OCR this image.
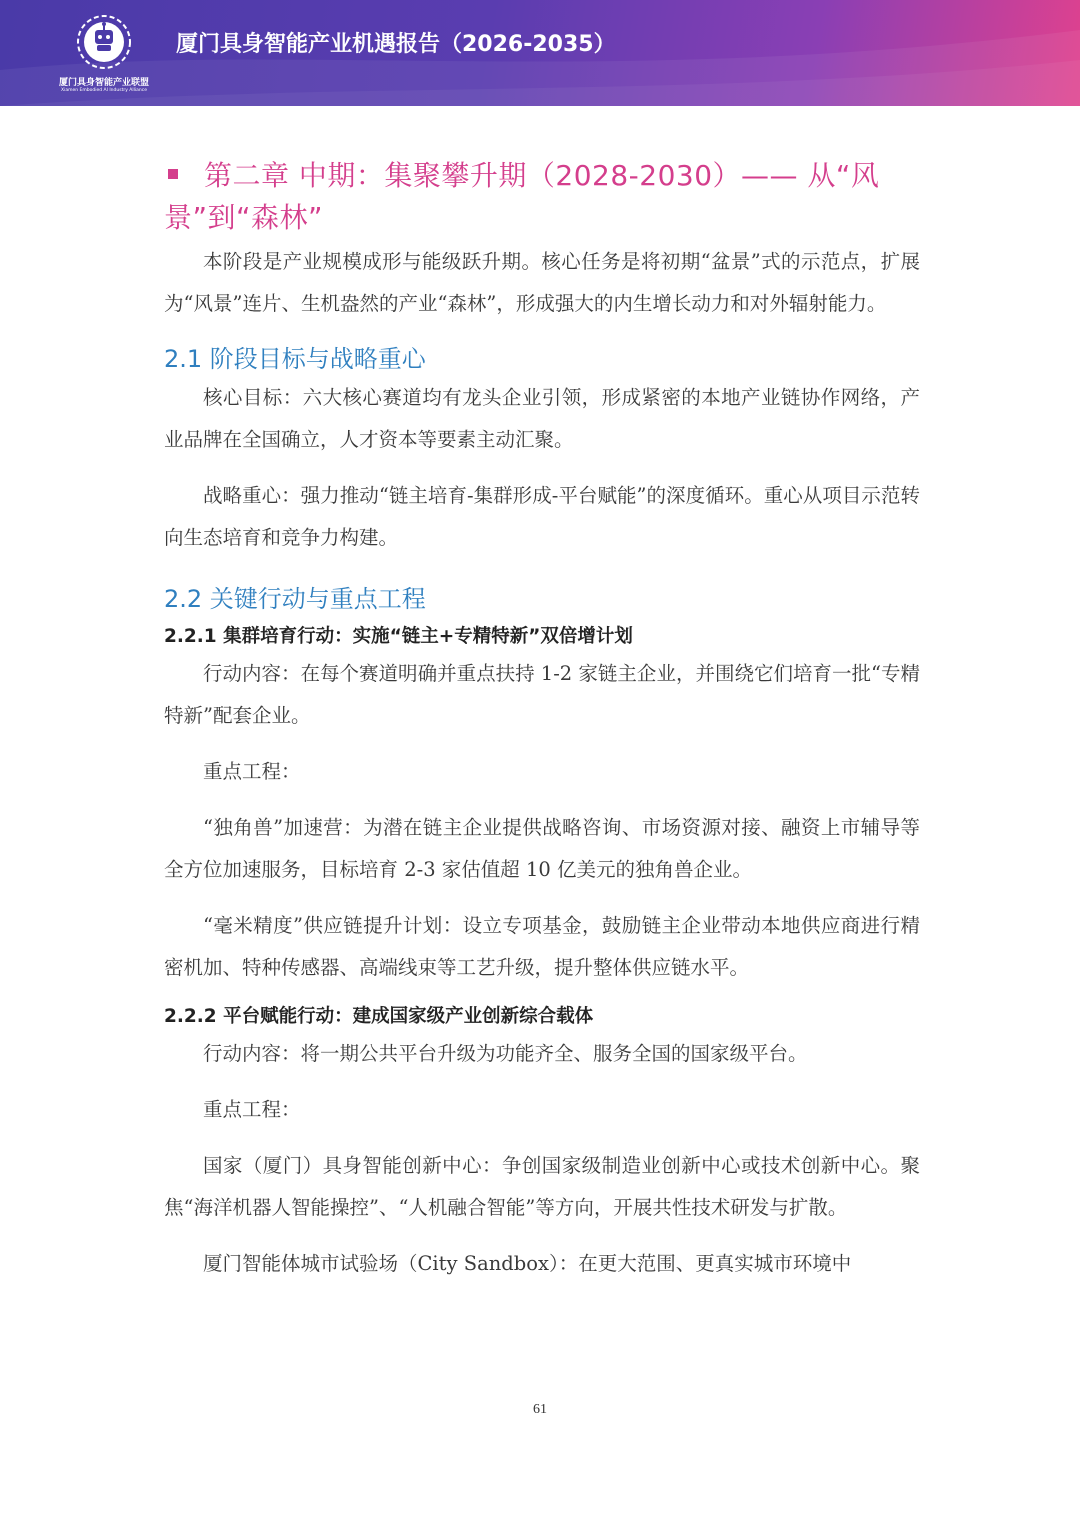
XAIA
厦门具身智能产业联盟
Xiamen Embodied AI Industry Alliance
厦门具身智能产业机遇报告（2026-2035）
第二章 中期：集聚攀升期（2028-2030）—— 从“风景”到“森林”

本阶段是产业规模成形与能级跃升期。核心任务是将初期“盆景”式的示范点，扩展为“风景”连片、生机盎然的产业“森林”，形成强大的内生增长动力和对外辐射能力。

2.1 阶段目标与战略重心

核心目标：六大核心赛道均有龙头企业引领，形成紧密的本地产业链协作网络，产业品牌在全国确立，人才资本等要素主动汇聚。

战略重心：强力推动“链主培育-集群形成-平台赋能”的深度循环。重心从项目示范转向生态培育和竞争力构建。

2.2 关键行动与重点工程
2.2.1 集群培育行动：实施“链主+专精特新”双倍增计划

行动内容：在每个赛道明确并重点扶持 1-2 家链主企业，并围绕它们培育一批“专精特新”配套企业。

重点工程：

“独角兽”加速营：为潜在链主企业提供战略咨询、市场资源对接、融资上市辅导等全方位加速服务，目标培育 2-3 家估值超 10 亿美元的独角兽企业。

“毫米精度”供应链提升计划：设立专项基金，鼓励链主企业带动本地供应商进行精密机加、特种传感器、高端线束等工艺升级，提升整体供应链水平。

2.2.2 平台赋能行动：建成国家级产业创新综合载体

行动内容：将一期公共平台升级为功能齐全、服务全国的国家级平台。

重点工程：

国家（厦门）具身智能创新中心：争创国家级制造业创新中心或技术创新中心。聚焦“海洋机器人智能操控”、“人机融合智能”等方向，开展共性技术研发与扩散。

厦门智能体城市试验场（City Sandbox）：在更大范围、更真实城市环境中

61
